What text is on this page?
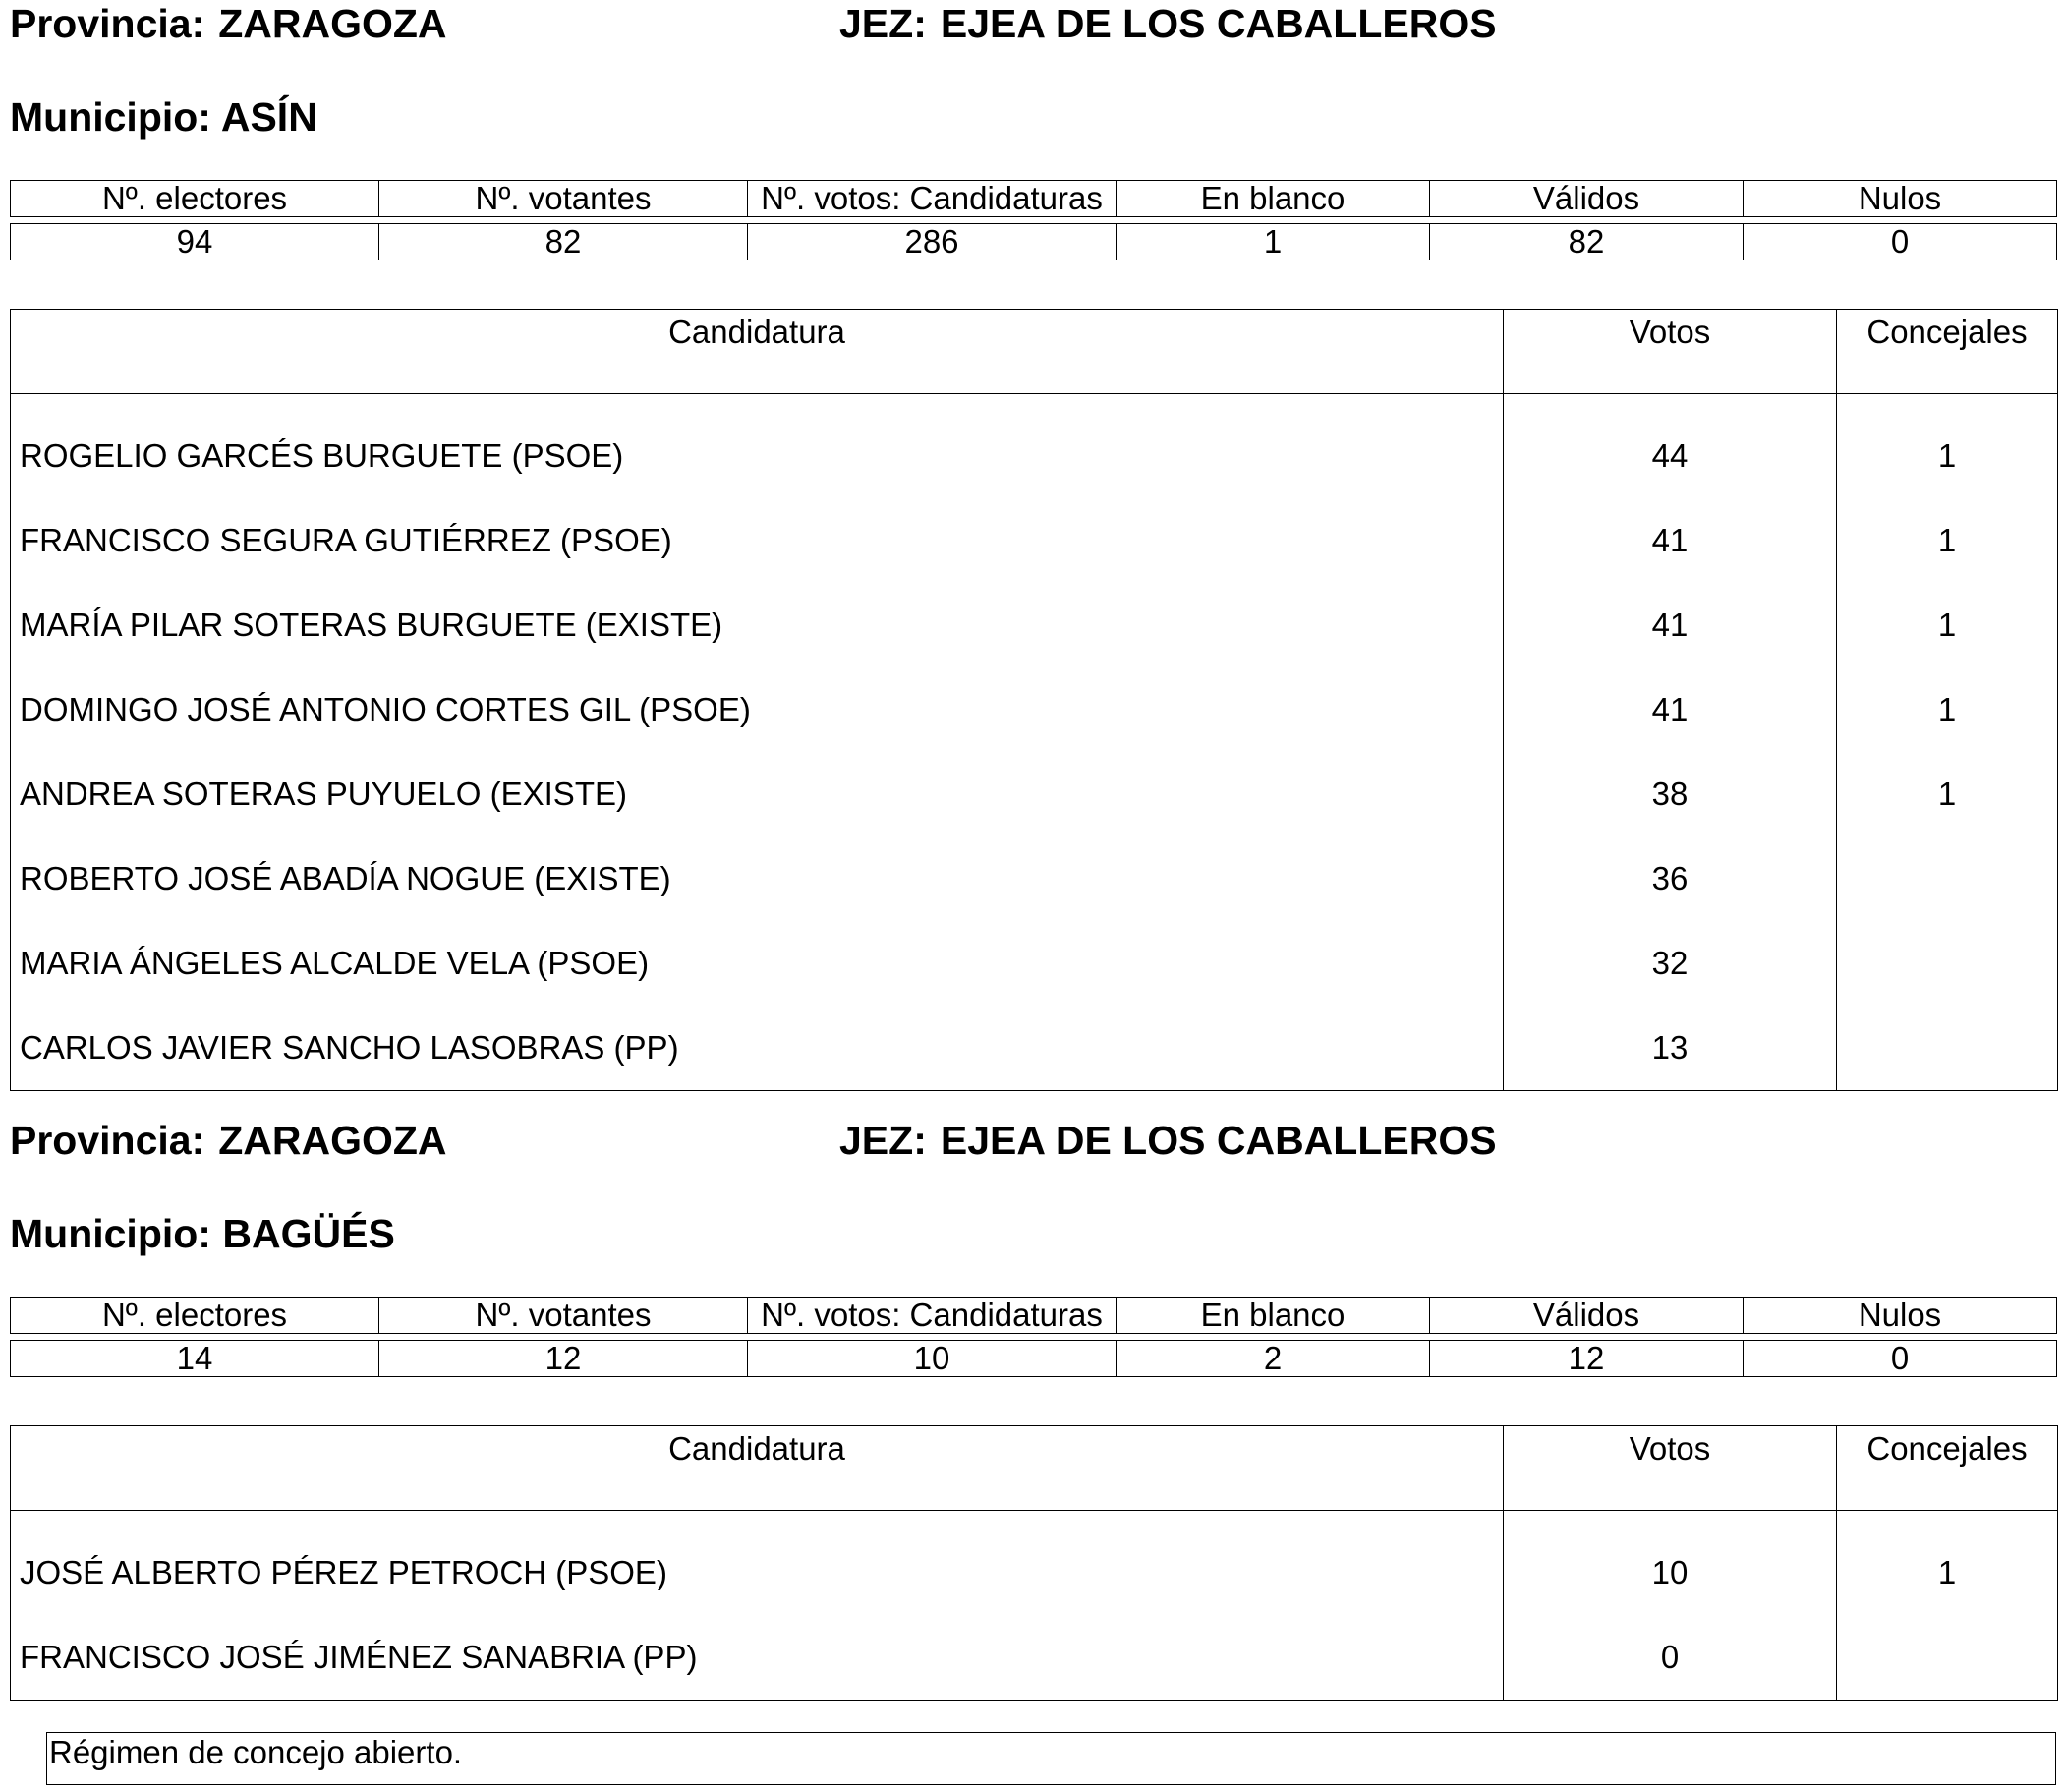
Provincia: ZARAGOZA	JEZ: EJEA DE LOS CABALLEROS
Municipio: ASÍN
Nº. electores	Nº. votantes	Nº. votos: Candidaturas	En blanco	Válidos	Nulos

94	82	286	1	82	0
Candidatura	Votos	Concejales
ROGELIO GARCÉS BURGUETE (PSOE)	44	1
FRANCISCO SEGURA GUTIÉRREZ (PSOE)	41	1
MARÍA PILAR SOTERAS BURGUETE (EXISTE)	41	1
DOMINGO JOSÉ ANTONIO CORTES GIL (PSOE)	41	1
ANDREA SOTERAS PUYUELO (EXISTE)	38	1
ROBERTO JOSÉ ABADÍA NOGUE (EXISTE)	36	
MARIA ÁNGELES ALCALDE VELA (PSOE)	32	
CARLOS JAVIER SANCHO LASOBRAS (PP)	13	
Provincia: ZARAGOZA	JEZ: EJEA DE LOS CABALLEROS
Municipio: BAGÜÉS
Nº. electores	Nº. votantes	Nº. votos: Candidaturas	En blanco	Válidos	Nulos

14	12	10	2	12	0
Candidatura	Votos	Concejales
JOSÉ ALBERTO PÉREZ PETROCH (PSOE)	10	1
FRANCISCO JOSÉ JIMÉNEZ SANABRIA (PP)	0	
Régimen de concejo abierto.
